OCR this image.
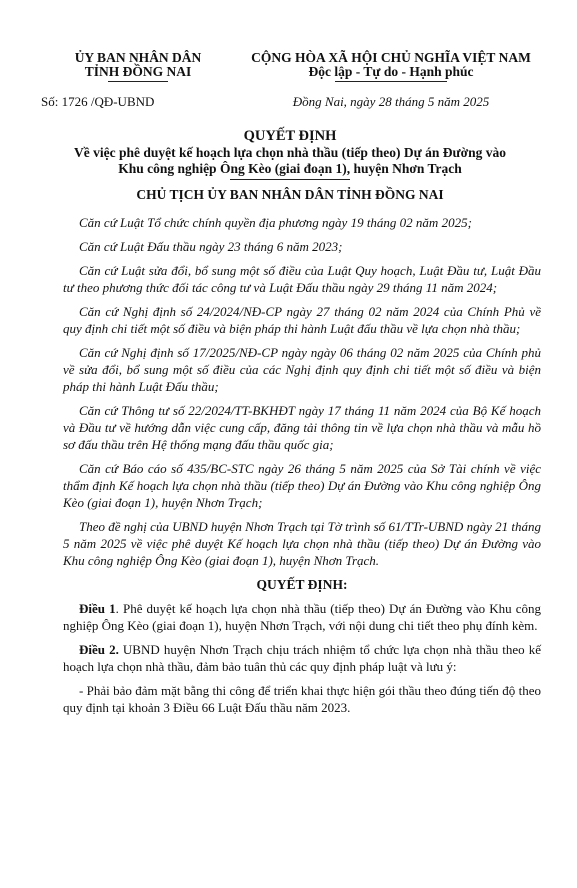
ỦY BAN NHÂN DÂN
TỈNH ĐỒNG NAI
Số: 1726 /QĐ-UBND
CỘNG HÒA XÃ HỘI CHỦ NGHĨA VIỆT NAM
Độc lập - Tự do - Hạnh phúc
Đồng Nai, ngày 28 tháng 5 năm 2025
QUYẾT ĐỊNH
Về việc phê duyệt kế hoạch lựa chọn nhà thầu (tiếp theo) Dự án Đường vào
Khu công nghiệp Ông Kèo (giai đoạn 1), huyện Nhơn Trạch
CHỦ TỊCH ỦY BAN NHÂN DÂN TỈNH ĐỒNG NAI

Căn cứ Luật Tổ chức chính quyền địa phương ngày 19 tháng 02 năm 2025;

Căn cứ Luật Đấu thầu ngày 23 tháng 6 năm 2023;

Căn cứ Luật sửa đổi, bổ sung một số điều của Luật Quy hoạch, Luật Đầu tư, Luật Đầu tư theo phương thức đối tác công tư và Luật Đấu thầu ngày 29 tháng 11 năm 2024;

Căn cứ Nghị định số 24/2024/NĐ-CP ngày 27 tháng 02 năm 2024 của Chính Phủ về quy định chi tiết một số điều và biện pháp thi hành Luật đấu thầu về lựa chọn nhà thầu;

Căn cứ Nghị định số 17/2025/NĐ-CP ngày ngày 06 tháng 02 năm 2025 của Chính phủ về sửa đổi, bổ sung một số điều của các Nghị định quy định chi tiết một số điều và biện pháp thi hành Luật Đấu thầu;

Căn cứ Thông tư số 22/2024/TT-BKHĐT ngày 17 tháng 11 năm 2024 của Bộ Kế hoạch và Đầu tư về hướng dẫn việc cung cấp, đăng tải thông tin về lựa chọn nhà thầu và mẫu hồ sơ đấu thầu trên Hệ thống mạng đấu thầu quốc gia;

Căn cứ Báo cáo số 435/BC-STC ngày 26 tháng 5 năm 2025 của Sở Tài chính về việc thẩm định Kế hoạch lựa chọn nhà thầu (tiếp theo) Dự án Đường vào Khu công nghiệp Ông Kèo (giai đoạn 1), huyện Nhơn Trạch;

Theo đề nghị của UBND huyện Nhơn Trạch tại Tờ trình số 61/TTr-UBND ngày 21 tháng 5 năm 2025 về việc phê duyệt Kế hoạch lựa chọn nhà thầu (tiếp theo) Dự án Đường vào Khu công nghiệp Ông Kèo (giai đoạn 1), huyện Nhơn Trạch.

QUYẾT ĐỊNH:

Điều 1. Phê duyệt kế hoạch lựa chọn nhà thầu (tiếp theo) Dự án Đường vào Khu công nghiệp Ông Kèo (giai đoạn 1), huyện Nhơn Trạch, với nội dung chi tiết theo phụ đính kèm.

Điều 2. UBND huyện Nhơn Trạch chịu trách nhiệm tổ chức lựa chọn nhà thầu theo kế hoạch lựa chọn nhà thầu, đảm bảo tuân thủ các quy định pháp luật và lưu ý:

- Phải bảo đảm mặt bằng thi công để triển khai thực hiện gói thầu theo đúng tiến độ theo quy định tại khoản 3 Điều 66 Luật Đấu thầu năm 2023.
